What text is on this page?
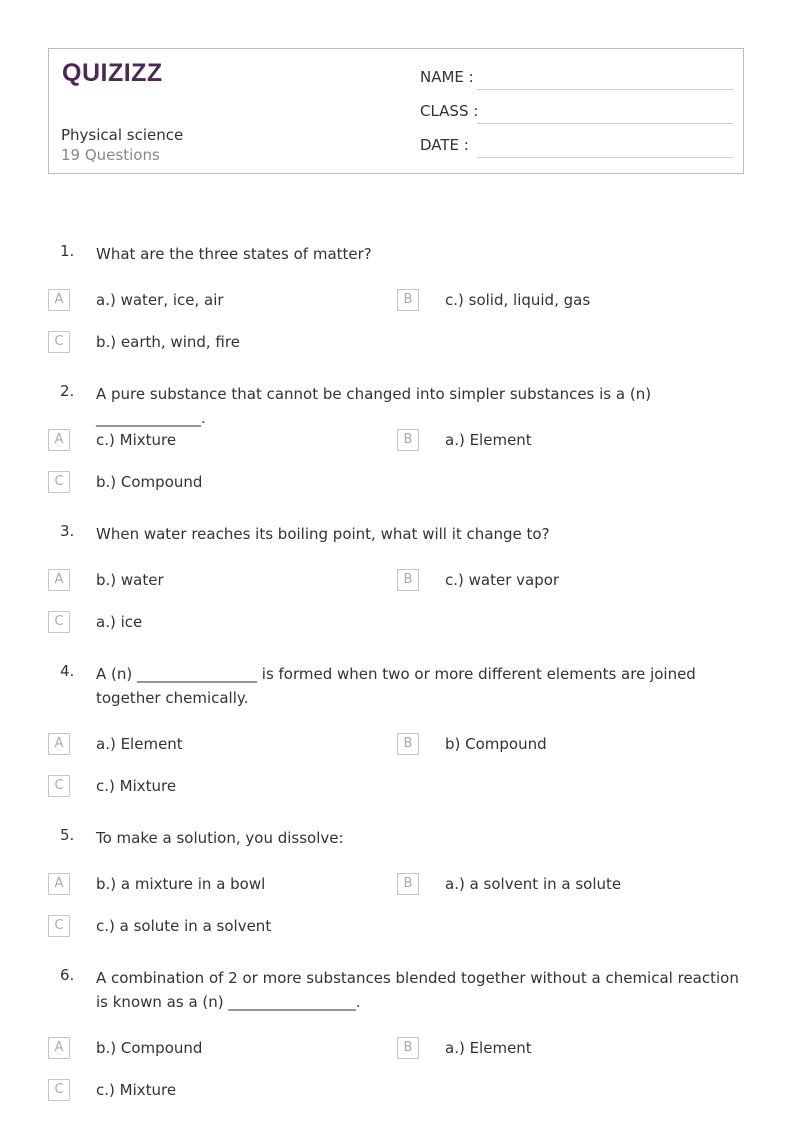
QUIZIZZ
Physical science
19 Questions
NAME :
CLASS :
DATE :
1. What are the three states of matter?
A	a.) water, ice, air	B	c.) solid, liquid, gas
C	b.) earth, wind, fire
2. A pure substance that cannot be changed into simpler substances is a (n) ______________.
A	c.) Mixture	B	a.) Element
C	b.) Compound
3. When water reaches its boiling point, what will it change to?
A	b.) water	B	c.) water vapor
C	a.) ice
4. A (n) ________________ is formed when two or more different elements are joined together chemically.
A	a.) Element	B	b) Compound
C	c.) Mixture
5. To make a solution, you dissolve:
A	b.) a mixture in a bowl	B	a.) a solvent in a solute
C	c.) a solute in a solvent
6. A combination of 2 or more substances blended together without a chemical reaction is known as a (n) _________________.
A	b.) Compound	B	a.) Element
C	c.) Mixture
